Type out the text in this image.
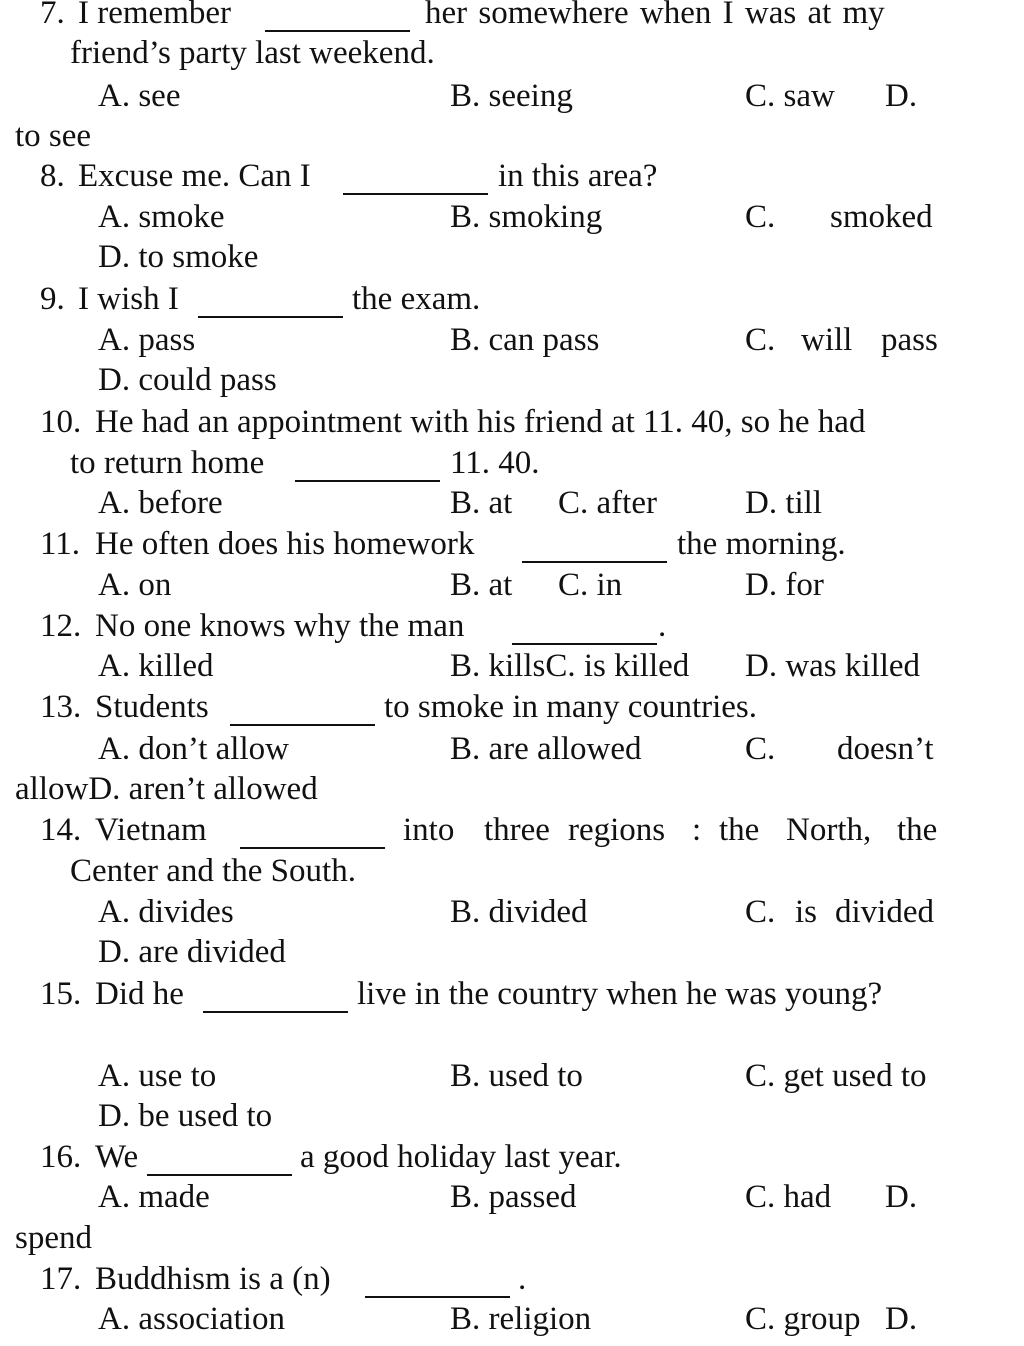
7. I remember	her somewhere when I was at my
friend’s party last weekend.
A. see	B. seeing	C. saw D.
to see
8. Excuse me. Can I	in this area?
A. smoke	B. smoking	C. smoked
D. to smoke
9. I wish I	the exam.
A. pass	B. can pass	C. will pass
D. could pass
10. He had an appointment with his friend at 11. 40, so he had
to return home	11. 40.
A. before	B. at C. after	D. till
11. He often does his homework	the morning.
A. on	B. at C. in	D. for
12. No one knows why the man	.
A. killed	B. killsC. is killed D. was killed
13. Students	to smoke in many countries.
A. don’t allow	B. are allowed	C. doesn’t
allowD. aren’t allowed
14. Vietnam	into three regions : the North, the
Center and the South.
A. divides	B. divided	C. is divided
D. are divided
15. Did he	live in the country when he was young?
A. use to	B. used to	C. get used to
D. be used to
16. We	a good holiday last year.
A. made	B. passed	C. had D.
spend
17. Buddhism is a (n)	.
A. association	B. religion	C. group D.
